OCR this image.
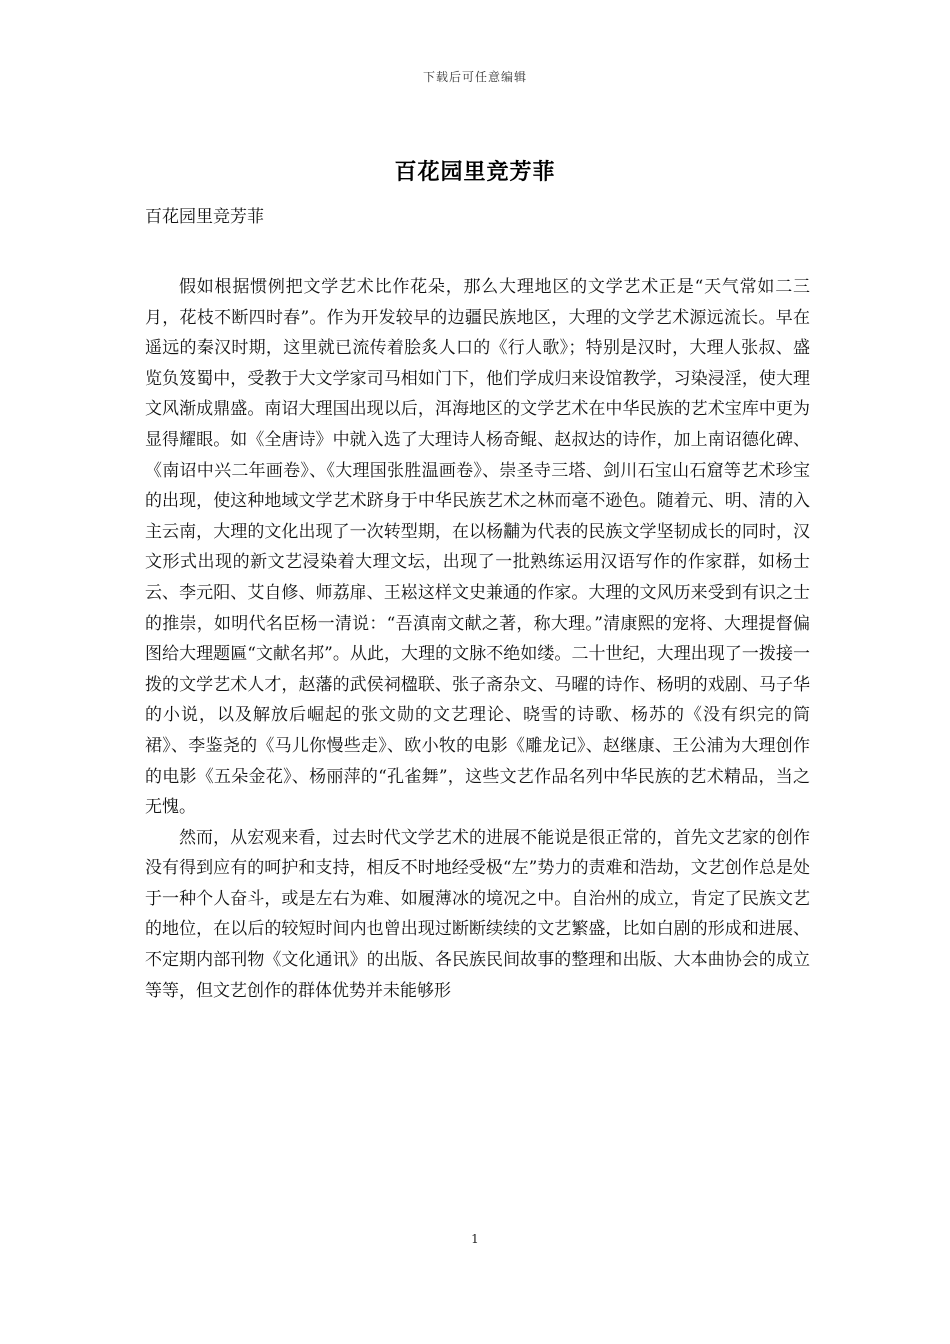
下载后可任意编辑
百花园里竞芳菲

百花园里竞芳菲

假如根据惯例把文学艺术比作花朵，那么大理地区的文学艺术正是“天气常如二三月，花枝不断四时春”。作为开发较早的边疆民族地区，大理的文学艺术源远流长。早在遥远的秦汉时期，这里就已流传着脍炙人口的《行人歌》；特别是汉时，大理人张叔、盛览负笈蜀中，受教于大文学家司马相如门下，他们学成归来设馆教学，习染浸淫，使大理文风渐成鼎盛。南诏大理国出现以后，洱海地区的文学艺术在中华民族的艺术宝库中更为显得耀眼。如《全唐诗》中就入选了大理诗人杨奇鲲、赵叔达的诗作，加上南诏德化碑、《南诏中兴二年画卷》、《大理国张胜温画卷》、崇圣寺三塔、剑川石宝山石窟等艺术珍宝的出现，使这种地域文学艺术跻身于中华民族艺术之林而毫不逊色。随着元、明、清的入主云南，大理的文化出现了一次转型期，在以杨黼为代表的民族文学坚韧成长的同时，汉文形式出现的新文艺浸染着大理文坛，出现了一批熟练运用汉语写作的作家群，如杨士云、李元阳、艾自修、师荔扉、王崧这样文史兼通的作家。大理的文风历来受到有识之士的推崇，如明代名臣杨一清说：“吾滇南文献之著，称大理。”清康熙的宠将、大理提督偏图给大理题匾“文献名邦”。从此，大理的文脉不绝如缕。二十世纪，大理出现了一拨接一拨的文学艺术人才，赵藩的武侯祠楹联、张子斋杂文、马曜的诗作、杨明的戏剧、马子华的小说，以及解放后崛起的张文勋的文艺理论、晓雪的诗歌、杨苏的《没有织完的筒裙》、李鉴尧的《马儿你慢些走》、欧小牧的电影《雕龙记》、赵继康、王公浦为大理创作的电影《五朵金花》、杨丽萍的“孔雀舞”，这些文艺作品名列中华民族的艺术精品，当之无愧。

然而，从宏观来看，过去时代文学艺术的进展不能说是很正常的，首先文艺家的创作没有得到应有的呵护和支持，相反不时地经受极“左”势力的责难和浩劫，文艺创作总是处于一种个人奋斗，或是左右为难、如履薄冰的境况之中。自治州的成立，肯定了民族文艺的地位，在以后的较短时间内也曾出现过断断续续的文艺繁盛，比如白剧的形成和进展、不定期内部刊物《文化通讯》的出版、各民族民间故事的整理和出版、大本曲协会的成立等等，但文艺创作的群体优势并未能够形

1
